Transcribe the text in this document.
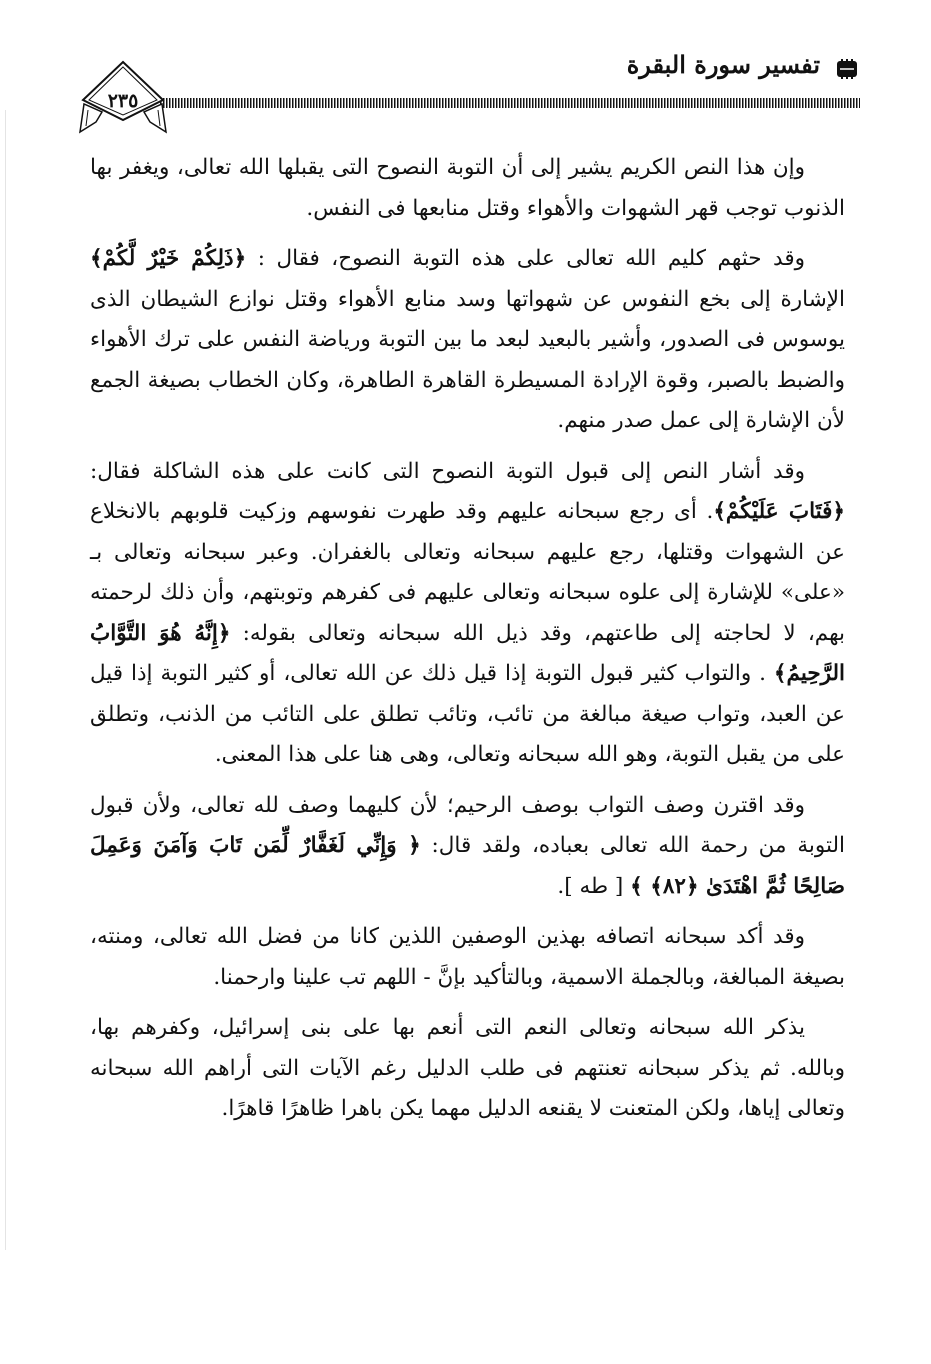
تفسير سورة البقرة
٢٣٥

وإن هذا النص الكريم يشير إلى أن التوبة النصوح التى يقبلها الله تعالى، ويغفر بها الذنوب توجب قهر الشهوات والأهواء وقتل منابعها فى النفس.

وقد حثهم كليم الله تعالى على هذه التوبة النصوح، فقال : ﴿ذَلِكُمْ خَيْرٌ لَّكُمْ﴾ الإشارة إلى بخع النفوس عن شهواتها وسد منابع الأهواء وقتل نوازع الشيطان الذى يوسوس فى الصدور، وأشير بالبعيد لبعد ما بين التوبة ورياضة النفس على ترك الأهواء والضبط بالصبر، وقوة الإرادة المسيطرة القاهرة الطاهرة، وكان الخطاب بصيغة الجمع لأن الإشارة إلى عمل صدر منهم.

وقد أشار النص إلى قبول التوبة النصوح التى كانت على هذه الشاكلة فقال: ﴿فَتَابَ عَلَيْكُمْ﴾. أى رجع سبحانه عليهم وقد طهرت نفوسهم وزكيت قلوبهم بالانخلاع عن الشهوات وقتلها، رجع عليهم سبحانه وتعالى بالغفران. وعبر سبحانه وتعالى بـ «على» للإشارة إلى علوه سبحانه وتعالى عليهم فى كفرهم وتوبتهم، وأن ذلك لرحمته بهم، لا لحاجته إلى طاعتهم، وقد ذيل الله سبحانه وتعالى بقوله: ﴿إِنَّهُ هُوَ التَّوَّابُ الرَّحِيمُ﴾ . والتواب كثير قبول التوبة إذا قيل ذلك عن الله تعالى، أو كثير التوبة إذا قيل عن العبد، وتواب صيغة مبالغة من تائب، وتائب تطلق على التائب من الذنب، وتطلق على من يقبل التوبة، وهو الله سبحانه وتعالى، وهى هنا على هذا المعنى.

وقد اقترن وصف التواب بوصف الرحيم؛ لأن كليهما وصف لله تعالى، ولأن قبول التوبة من رحمة الله تعالى بعباده، ولقد قال: ﴿ وَإِنِّي لَغَفَّارٌ لِّمَن تَابَ وَآمَنَ وَعَمِلَ صَالِحًا ثُمَّ اهْتَدَىٰ ﴿٨٢﴾ ﴾ [ طه ].

وقد أكد سبحانه اتصافه بهذين الوصفين اللذين كانا من فضل الله تعالى، ومنته، بصيغة المبالغة، وبالجملة الاسمية، وبالتأكيد بإنَّ - اللهم تب علينا وارحمنا.

يذكر الله سبحانه وتعالى النعم التى أنعم بها على بنى إسرائيل، وكفرهم بها، وبالله. ثم يذكر سبحانه تعنتهم فى طلب الدليل رغم الآيات التى أراهم الله سبحانه وتعالى إياها، ولكن المتعنت لا يقنعه الدليل مهما يكن باهرا ظاهرًا قاهرًا.
